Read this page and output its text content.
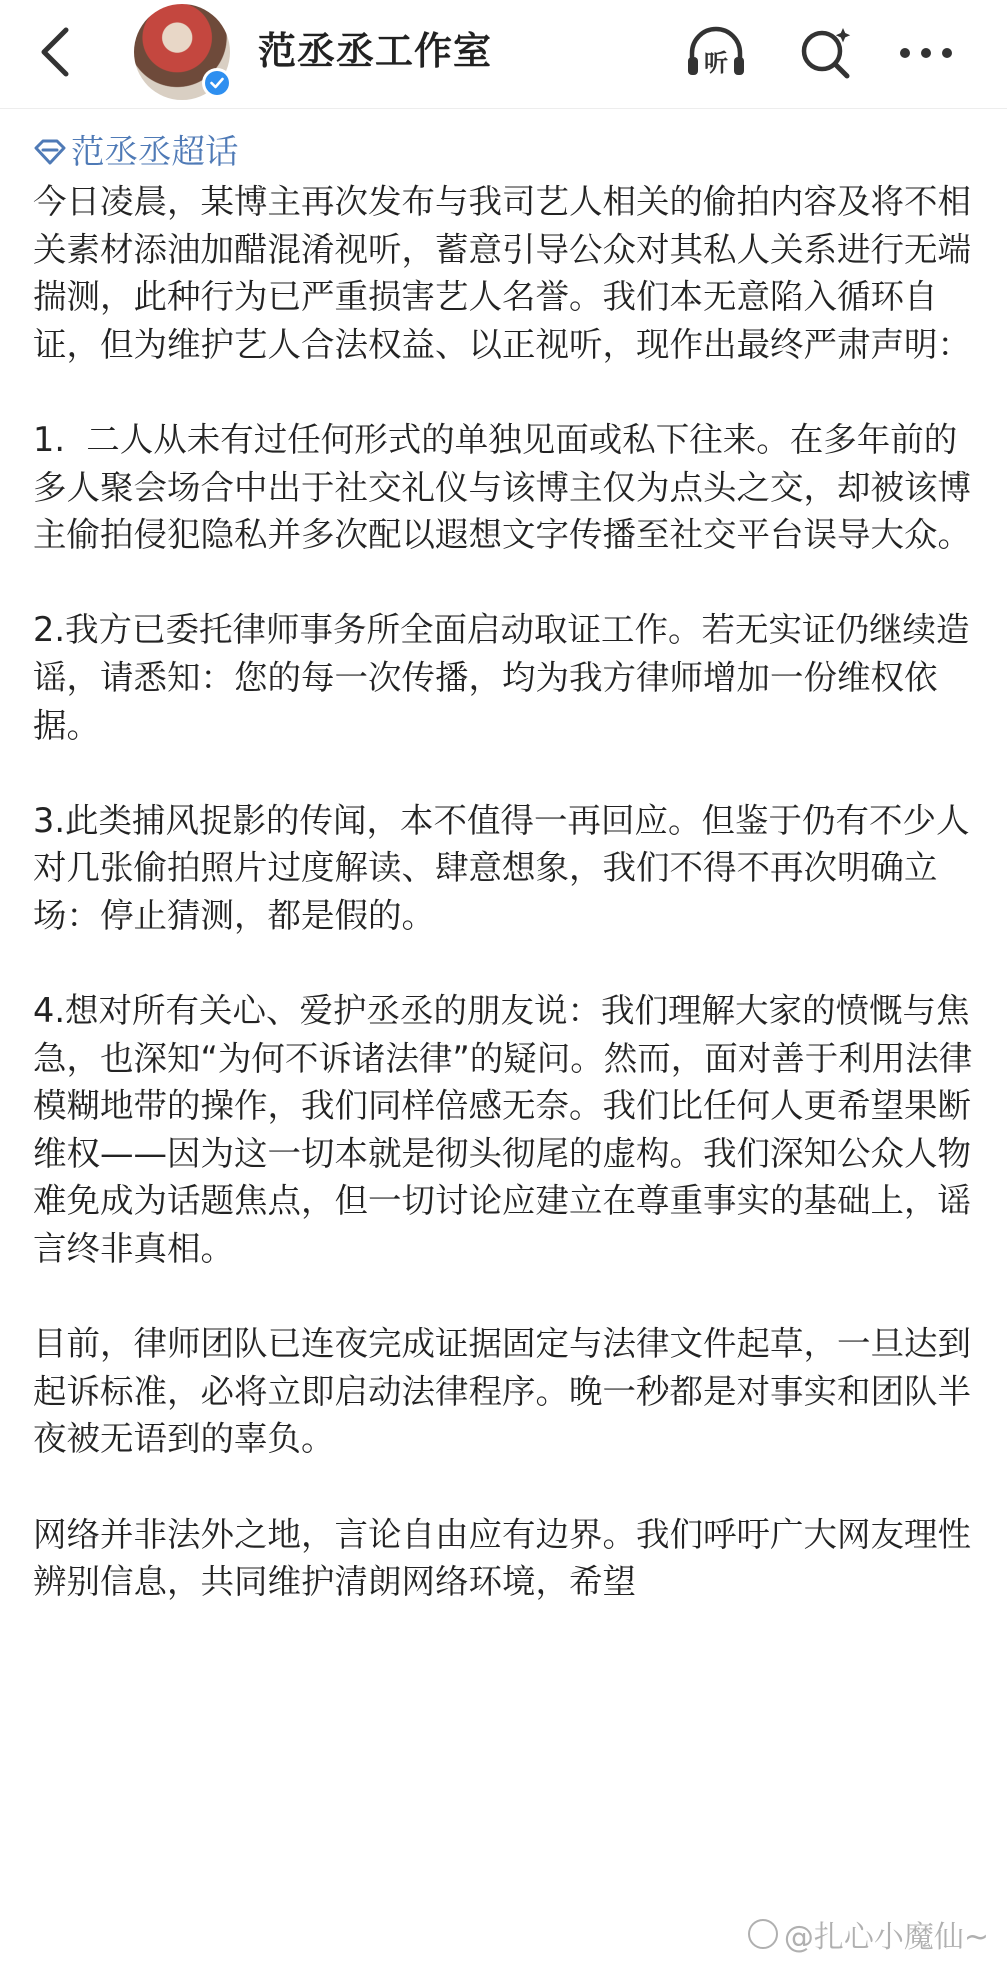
范丞丞工作室	听
范丞丞超话

今日凌晨，某博主再次发布与我司艺人相关的偷拍内容及将不相关素材添油加醋混淆视听，蓄意引导公众对其私人关系进行无端揣测，此种行为已严重损害艺人名誉。我们本无意陷入循环自证，但为维护艺人合法权益、以正视听，现作出最终严肃声明：

1.  二人从未有过任何形式的单独见面或私下往来。在多年前的多人聚会场合中出于社交礼仪与该博主仅为点头之交，却被该博主偷拍侵犯隐私并多次配以遐想文字传播至社交平台误导大众。

2.我方已委托律师事务所全面启动取证工作。若无实证仍继续造谣，请悉知：您的每一次传播，均为我方律师增加一份维权依据。

3.此类捕风捉影的传闻，本不值得一再回应。但鉴于仍有不少人对几张偷拍照片过度解读、肆意想象，我们不得不再次明确立场：停止猜测，都是假的。

4.想对所有关心、爱护丞丞的朋友说：我们理解大家的愤慨与焦急，也深知“为何不诉诸法律”的疑问。然而，面对善于利用法律模糊地带的操作，我们同样倍感无奈。我们比任何人更希望果断维权——因为这一切本就是彻头彻尾的虚构。我们深知公众人物难免成为话题焦点，但一切讨论应建立在尊重事实的基础上，谣言终非真相。

目前，律师团队已连夜完成证据固定与法律文件起草，一旦达到起诉标准，必将立即启动法律程序。晚一秒都是对事实和团队半夜被无语到的辜负。

网络并非法外之地，言论自由应有边界。我们呼吁广大网友理性辨别信息，共同维护清朗网络环境，希望

@扎心小魔仙~
